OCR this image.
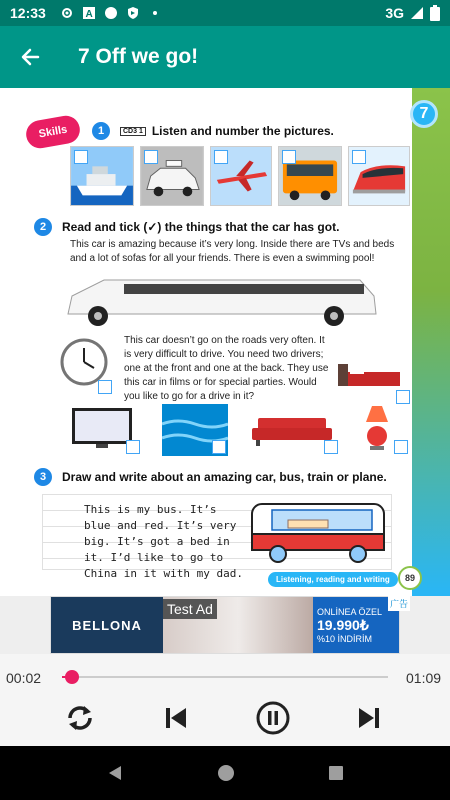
12:33	A	3G
7 Off we go!
7
Skills	1	CD3 1 Listen and number the pictures.
2	Read and tick (✓) the things that the car has got.
This car is amazing because it’s very long. Inside there are TVs and beds and a lot of sofas for all your friends. There is even a swimming pool!
This car doesn’t go on the roads very often. It is very difficult to drive. You need two drivers; one at the front and one at the back. They use this car in films or for special parties. Would you like to go for a drive in it?
3	Draw and write about an amazing car, bus, train or plane.
This is my bus. It’s blue and red. It’s very big. It’s got a bed in it. I’d like to go to China in it with my dad.	Listening, reading and writing	89
BELLONA
Test Ad	ONLİNEA ÖZEL
19.990₺
%10 İNDİRİM
广告
00:02	01:09
